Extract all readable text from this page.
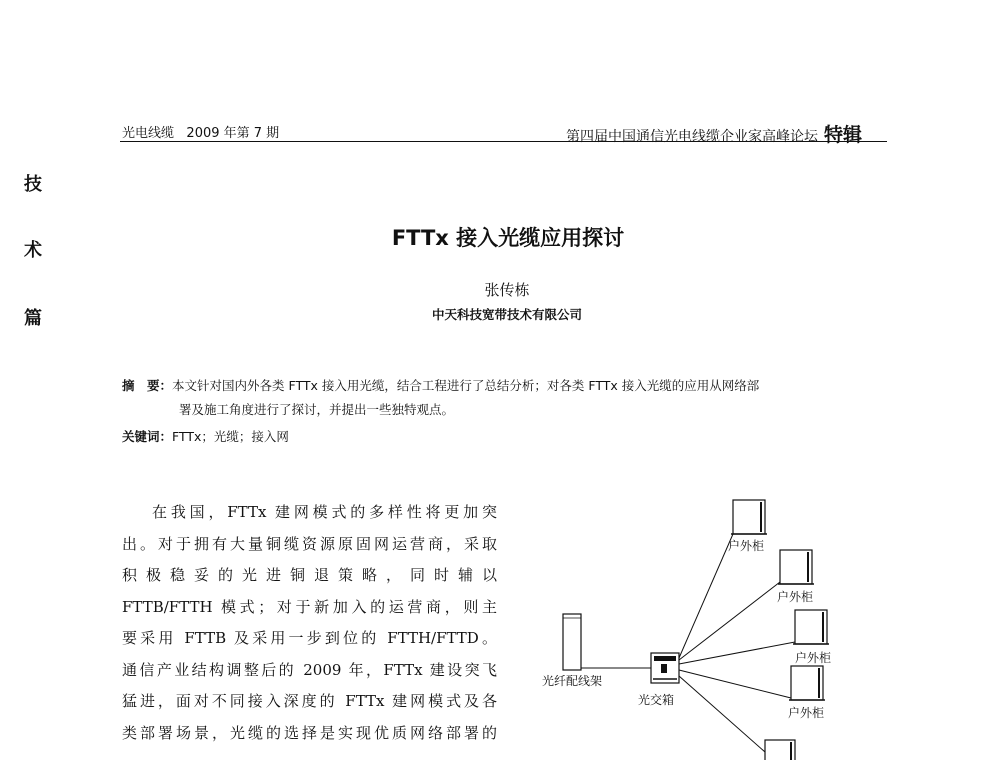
光电线缆 2009 年第 7 期	第四届中国通信光电线缆企业家高峰论坛 特辑
技
术
篇
FTTx 接入光缆应用探讨
张传栋
中天科技宽带技术有限公司
摘　要：本文针对国内外各类 FTTx 接入用光缆，结合工程进行了总结分析；对各类 FTTx 接入光缆的应用从网络部
署及施工角度进行了探讨，并提出一些独特观点。
关键词：FTTx；光缆；接入网
在我国，FTTx 建网模式的多样性将更加突
出。对于拥有大量铜缆资源原固网运营商，采取
积 极 稳 妥 的 光 进 铜 退 策 略 ， 同 时 辅 以
FTTB/FTTH 模式；对于新加入的运营商，则主
要采用 FTTB 及采用一步到位的 FTTH/FTTD。
通信产业结构调整后的 2009 年，FTTx 建设突飞
猛进，面对不同接入深度的 FTTx 建网模式及各
类部署场景，光缆的选择是实现优质网络部署的
光纤配线架
光交箱
户外柜
户外柜
户外柜
户外柜
